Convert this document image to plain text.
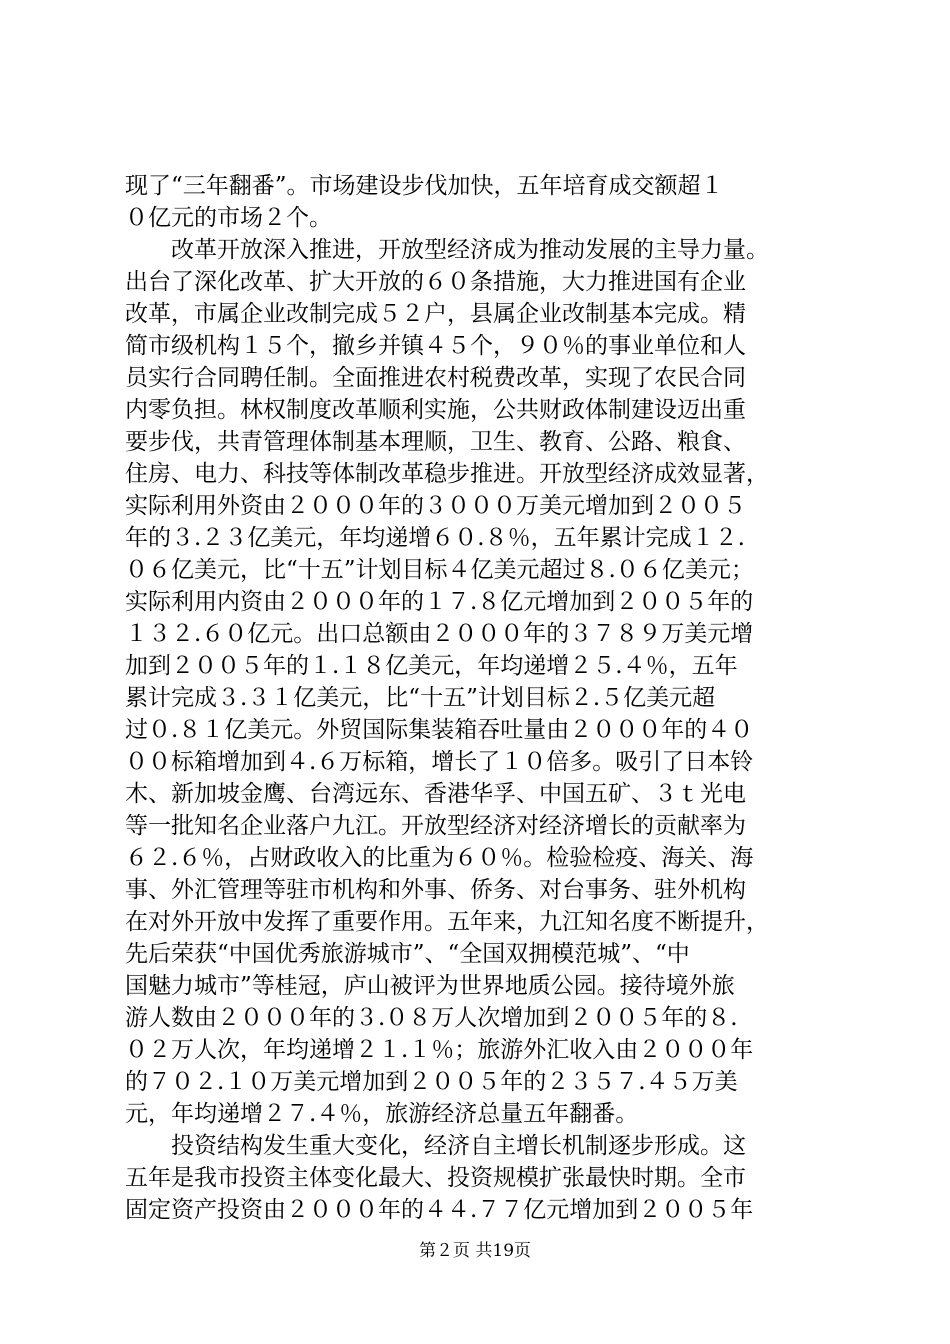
现了“三年翻番”。市场建设步伐加快，五年培育成交额超１
０亿元的市场２个。
　　改革开放深入推进，开放型经济成为推动发展的主导力量。
出台了深化改革、扩大开放的６０条措施，大力推进国有企业
改革，市属企业改制完成５２户，县属企业改制基本完成。精
简市级机构１５个，撤乡并镇４５个，９０％的事业单位和人
员实行合同聘任制。全面推进农村税费改革，实现了农民合同
内零负担。林权制度改革顺利实施，公共财政体制建设迈出重
要步伐，共青管理体制基本理顺，卫生、教育、公路、粮食、
住房、电力、科技等体制改革稳步推进。开放型经济成效显著，
实际利用外资由２０００年的３０００万美元增加到２００５
年的３.２３亿美元，年均递增６０.８％，五年累计完成１２.
０６亿美元，比“十五”计划目标４亿美元超过８.０６亿美元；
实际利用内资由２０００年的１７.８亿元增加到２００５年的
１３２.６０亿元。出口总额由２０００年的３７８９万美元增
加到２００５年的１.１８亿美元，年均递增２５.４％，五年
累计完成３.３１亿美元，比“十五”计划目标２.５亿美元超
过０.８１亿美元。外贸国际集装箱吞吐量由２０００年的４０
００标箱增加到４.６万标箱，增长了１０倍多。吸引了日本铃
木、新加坡金鹰、台湾远东、香港华孚、中国五矿、３ｔ光电
等一批知名企业落户九江。开放型经济对经济增长的贡献率为
６２.６％，占财政收入的比重为６０％。检验检疫、海关、海
事、外汇管理等驻市机构和外事、侨务、对台事务、驻外机构
在对外开放中发挥了重要作用。五年来，九江知名度不断提升，
先后荣获“中国优秀旅游城市”、“全国双拥模范城”、“中
国魅力城市”等桂冠，庐山被评为世界地质公园。接待境外旅
游人数由２０００年的３.０８万人次增加到２００５年的８.
０２万人次，年均递增２１.１％；旅游外汇收入由２０００年
的７０２.１０万美元增加到２００５年的２３５７.４５万美
元，年均递增２７.４％，旅游经济总量五年翻番。
　　投资结构发生重大变化，经济自主增长机制逐步形成。这
五年是我市投资主体变化最大、投资规模扩张最快时期。全市
固定资产投资由２０００年的４４.７７亿元增加到２００５年
第２页 共19页
